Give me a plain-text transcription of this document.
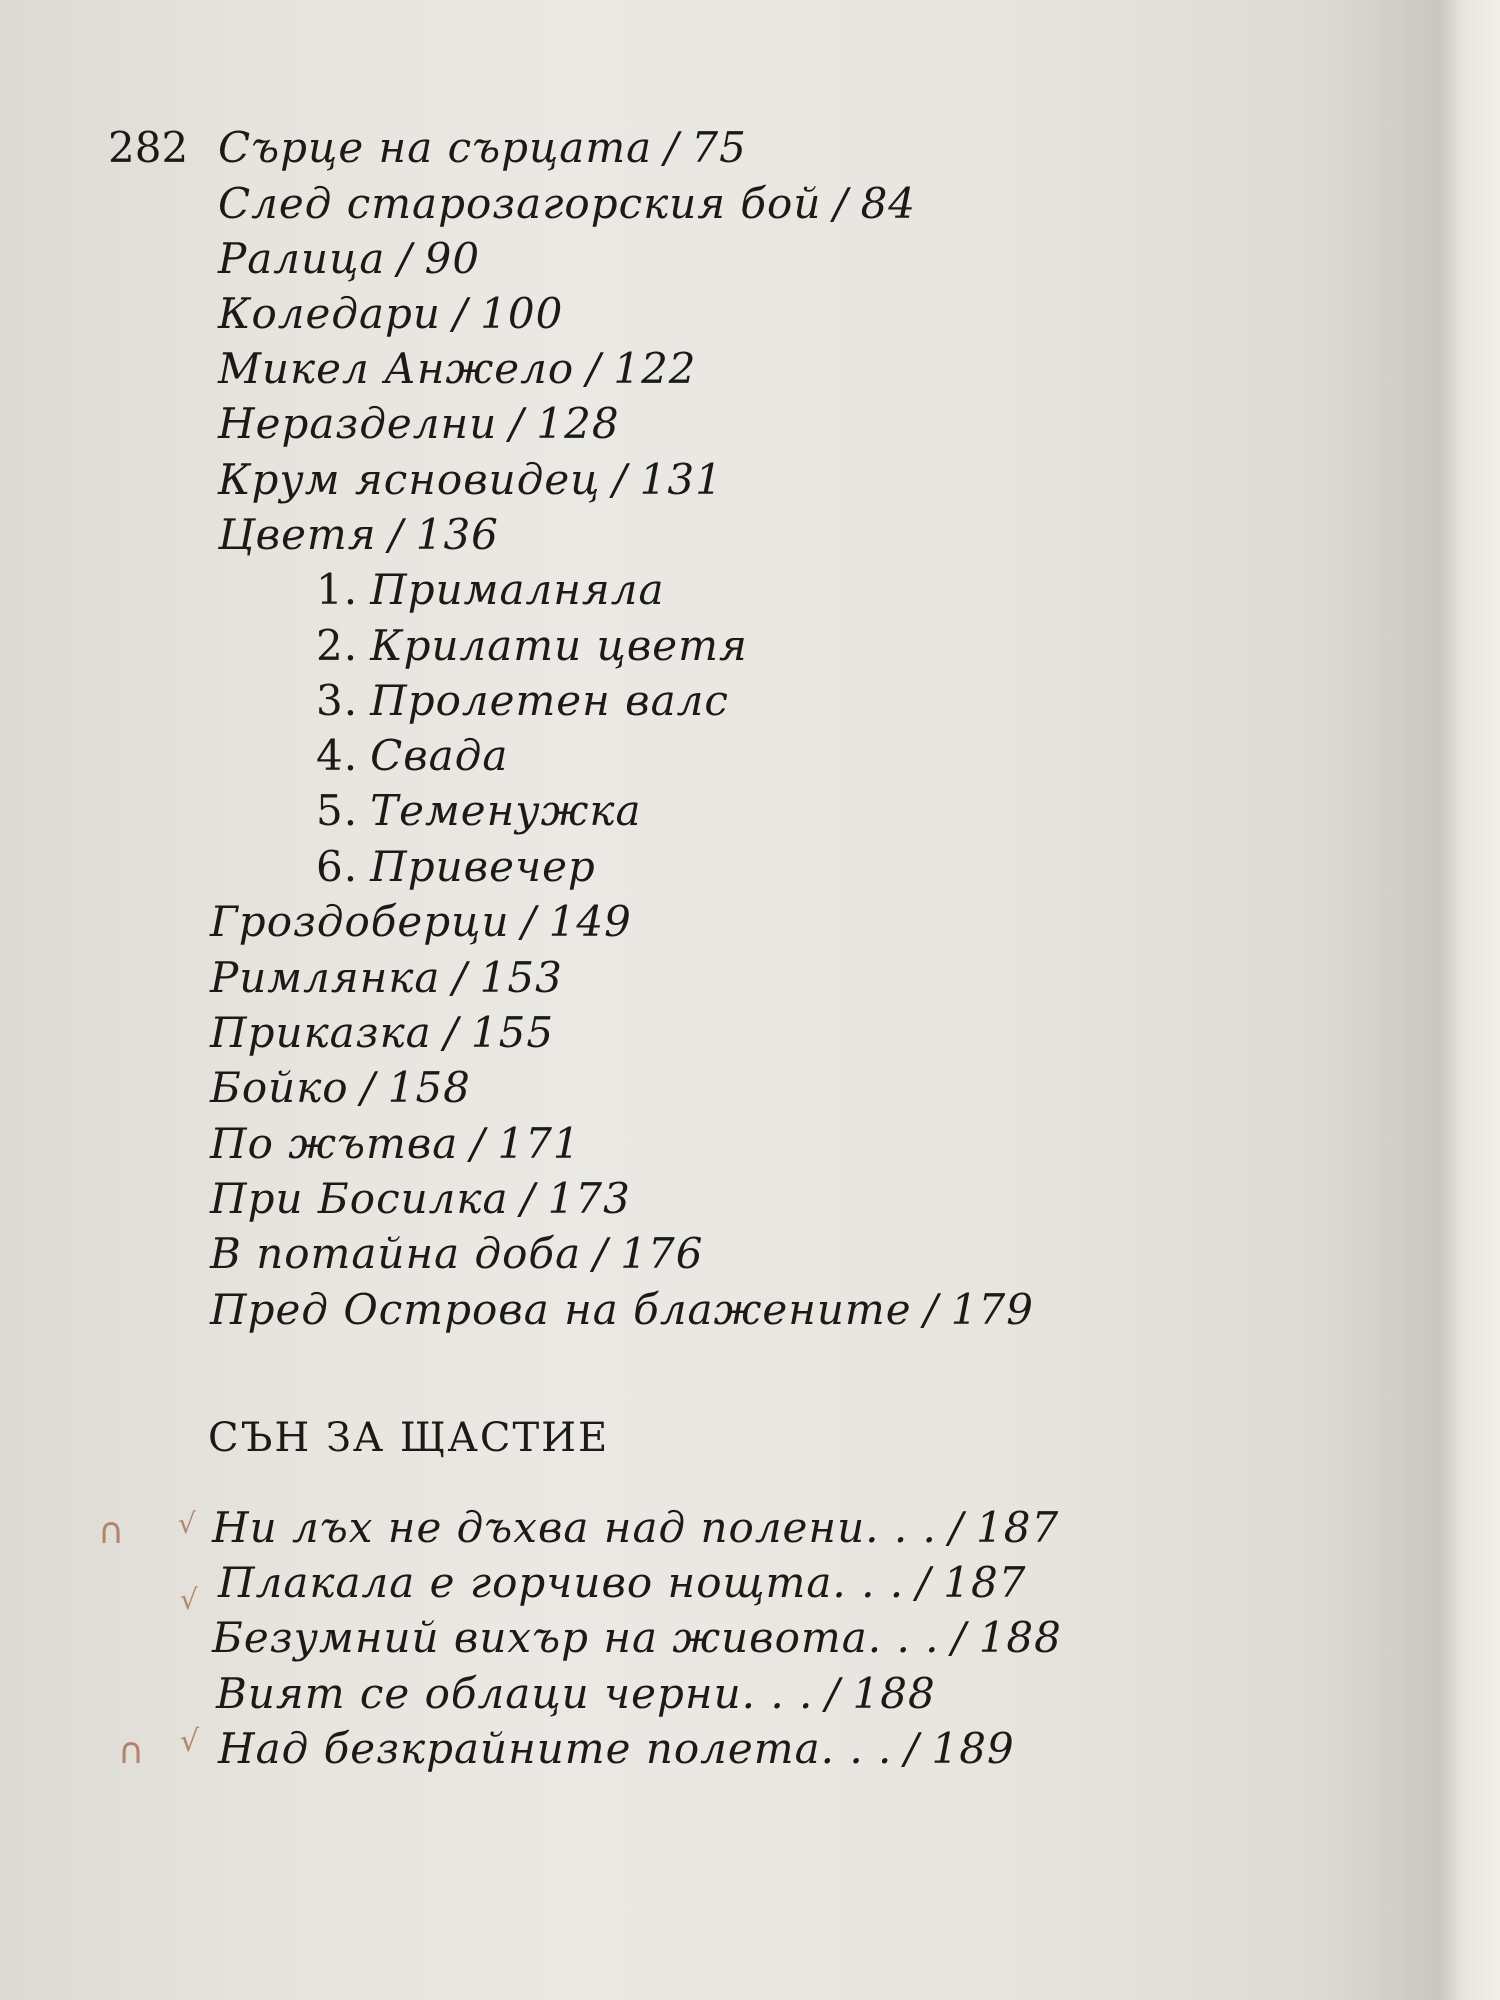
282 Сърце на сърцата / 75
След старозагорския бой / 84
Ралица / 90
Коледари / 100
Микел Анжело / 122
Неразделни / 128
Крум ясновидец / 131
Цветя / 136
1. Прималняла
2. Крилати цветя
3. Пролетен валс
4. Свада
5. Теменужка
6. Привечер
Гроздоберци / 149
Римлянка / 153
Приказка / 155
Бойко / 158
По жътва / 171
При Босилка / 173
В потайна доба / 176
Пред Острова на блажените / 179
СЪН ЗА ЩАСТИЕ
Ни лъх не дъхва над полени. . . / 187
Плакала е горчиво нощта. . . / 187
Безумний вихър на живота. . . / 188
Вият се облаци черни. . . / 188
Над безкрайните полета. . . / 189
∩ √
√
∩ √
